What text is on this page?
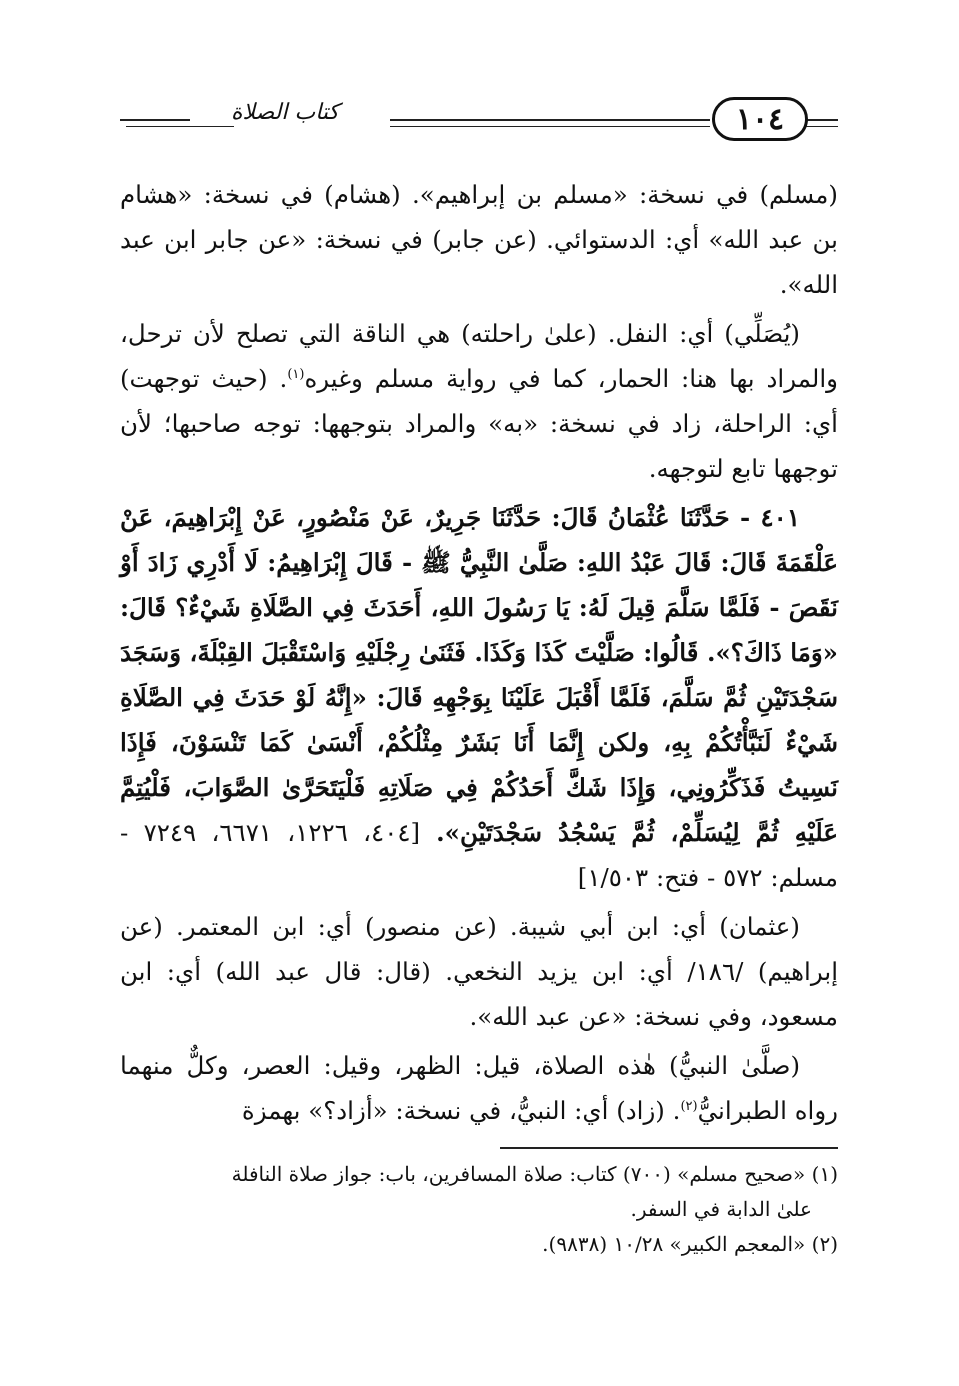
كتاب الصلاة	١٠٤

(مسلم) في نسخة: «مسلم بن إبراهيم». (هشام) في نسخة: «هشام بن عبد الله» أي: الدستوائي. (عن جابر) في نسخة: «عن جابر ابن عبد الله».

(يُصَلِّي) أي: النفل. (علىٰ راحلته) هي الناقة التي تصلح لأن ترحل، والمراد بها هنا: الحمار، كما في رواية مسلم وغيره$^{(١)}$. (حيث توجهت) أي: الراحلة، زاد في نسخة: «به» والمراد بتوجهها: توجه صاحبها؛ لأن توجهها تابع لتوجهه.

٤٠١ - حَدَّثَنَا عُثْمَانُ قَالَ: حَدَّثَنَا جَرِيرٌ، عَنْ مَنْصُورٍ، عَنْ إِبْرَاهِيمَ، عَنْ عَلْقَمَةَ قَالَ: قَالَ عَبْدُ اللهِ: صَلَّىٰ النَّبِيُّ ﷺ - قَالَ إِبْرَاهِيمُ: لَا أَدْرِي زَادَ أَوْ نَقَصَ - فَلَمَّا سَلَّمَ قِيلَ لَهُ: يَا رَسُولَ اللهِ، أَحَدَثَ فِي الصَّلَاةِ شَيْءٌ؟ قَالَ: «وَمَا ذَاكَ؟». قَالُوا: صَلَّيْتَ كَذَا وَكَذَا. فَثَنَىٰ رِجْلَيْهِ وَاسْتَقْبَلَ القِبْلَةَ، وَسَجَدَ سَجْدَتَيْنِ ثُمَّ سَلَّمَ، فَلَمَّا أَقْبَلَ عَلَيْنَا بِوَجْهِهِ قَالَ: «إِنَّهُ لَوْ حَدَثَ فِي الصَّلَاةِ شَيْءٌ لَنَبَّأْتُكُمْ بِهِ، ولكن إِنَّمَا أَنَا بَشَرٌ مِثْلُكُمْ، أَنْسَىٰ كَمَا تَنْسَوْنَ، فَإِذَا نَسِيتُ فَذَكِّرُونِي، وَإِذَا شَكَّ أَحَدُكُمْ فِي صَلَاتِهِ فَلْيَتَحَرَّىٰ الصَّوَابَ، فَلْيُتِمَّ عَلَيْهِ ثُمَّ لِيُسَلِّمْ، ثُمَّ يَسْجُدُ سَجْدَتَيْنِ». [٤٠٤، ١٢٢٦، ٦٦٧١، ٧٢٤٩ - مسلم: ٥٧٢ - فتح: ١/٥٠٣]

(عثمان) أي: ابن أبي شيبة. (عن منصور) أي: ابن المعتمر. (عن إبراهيم) /١٨٦/ أي: ابن يزيد النخعي. (قال: قال عبد الله) أي: ابن مسعود، وفي نسخة: «عن عبد الله».

(صلَّىٰ النبيُّ) هٰذه الصلاة، قيل: الظهر، وقيل: العصر، وكلٌّ منهما رواه الطبرانيُّ$^{(٢)}$. (زاد) أي: النبيُّ، في نسخة: «أزاد؟» بهمزة

(١) «صحيح مسلم» (٧٠٠) كتاب: صلاة المسافرين، باب: جواز صلاة النافلة

علىٰ الدابة في السفر.

(٢) «المعجم الكبير» ١٠/٢٨ (٩٨٣٨).
